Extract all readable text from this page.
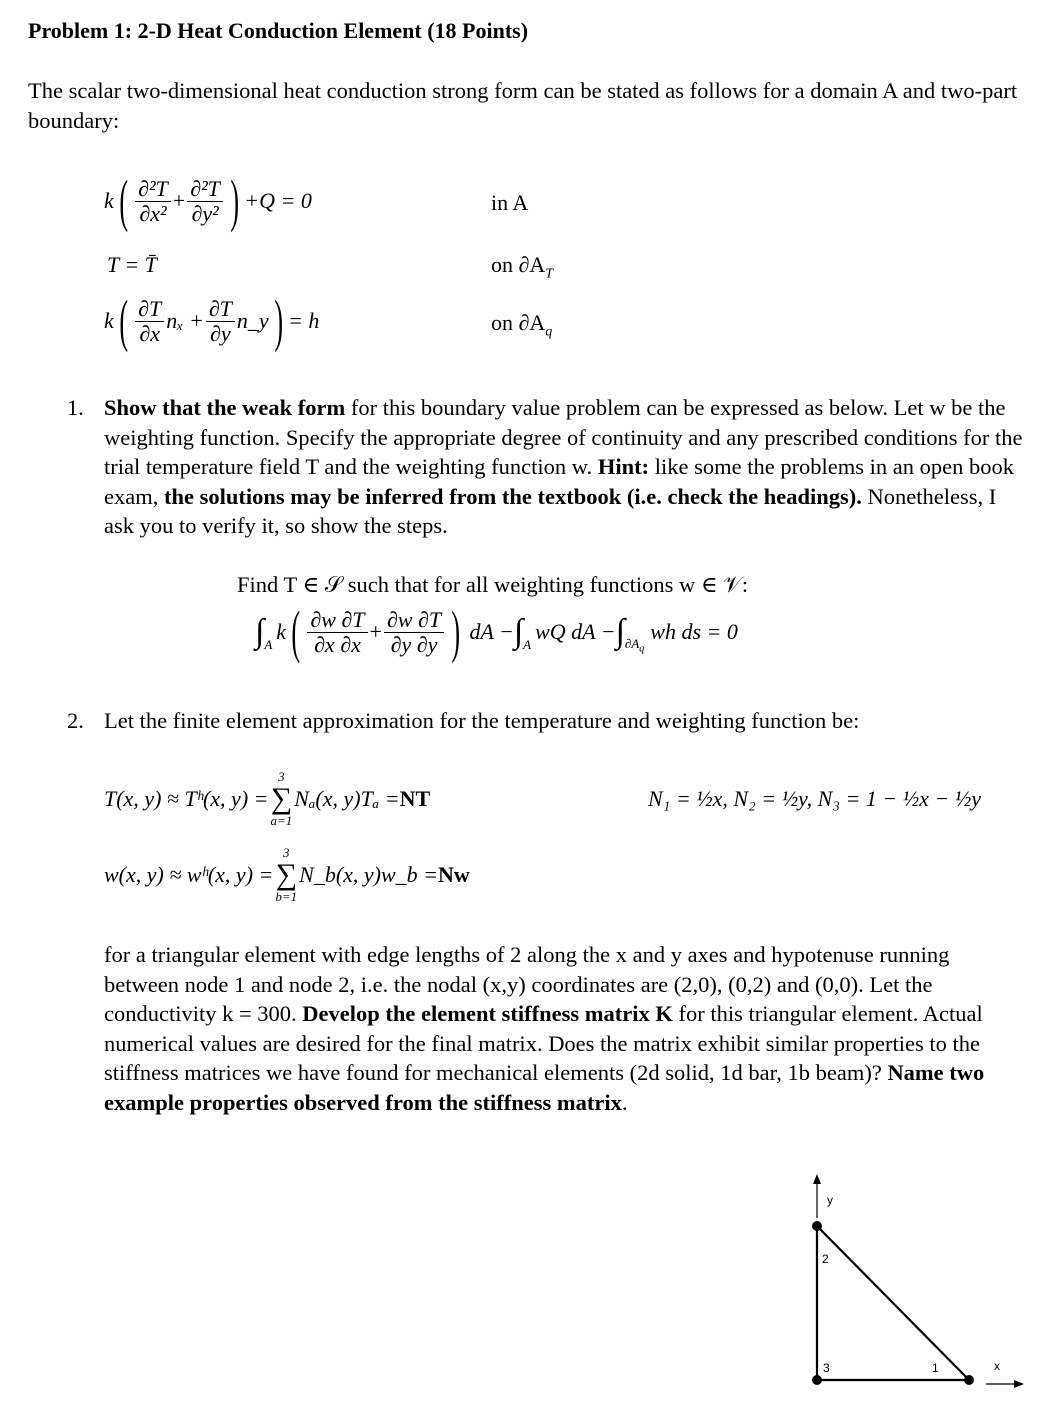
Problem 1: 2-D Heat Conduction Element (18 Points)
The scalar two-dimensional heat conduction strong form can be stated as follows for a domain A and two-part boundary:
k ( $\frac{\text{∂²T}}{\text{∂x²}} + \frac{\text{∂²T}}{\text{∂y²}}$ ) +Q = 0	in A
T = T̄	on $\partial A_T$
k ( $\frac{\partial T}{\partial x}$ $n_x + \frac{\partial T}{\partial y}$ n_y ) = h	on $\partial A_q$
1. Show that the weak form for this boundary value problem can be expressed as below. Let w be the weighting function. Specify the appropriate degree of continuity and any prescribed conditions for the trial temperature field T and the weighting function w. Hint: like some the problems in an open book exam, the solutions may be inferred from the textbook (i.e. check the headings). Nonetheless, I ask you to verify it, so show the steps.
Find T ∈ 𝒮 such that for all weighting functions w ∈ 𝒱:
$\int_A$
k ( $\frac{\partial w \partial T}{\partial x \partial x} + \frac{\partial w \partial T}{\partial y \partial y}$ ) dA − $\int_A$
wQ dA − ∫ $_{\partial A_q}$
wh ds = 0
2. Let the finite element approximation for the temperature and weighting function be:
T(x, y) ≈ Tʰ(x, y) =
3
∑
a=1
Nₐ(x, y)Tₐ = NT	N₁ = ½x, N₂ = ½y, N₃ = 1 − ½x − ½y
w(x, y) ≈ wʰ(x, y) =
3
∑
b=1
N_b(x, y)w_b = Nw
for a triangular element with edge lengths of 2 along the x and y axes and hypotenuse running between node 1 and node 2, i.e. the nodal (x,y) coordinates are (2,0), (0,2) and (0,0). Let the conductivity k = 300. Develop the element stiffness matrix K for this triangular element. Actual numerical values are desired for the final matrix. Does the matrix exhibit similar properties to the stiffness matrices we have found for mechanical elements (2d solid, 1d bar, 1b beam)? Name two example properties observed from the stiffness matrix.
y
2
3	1	x
